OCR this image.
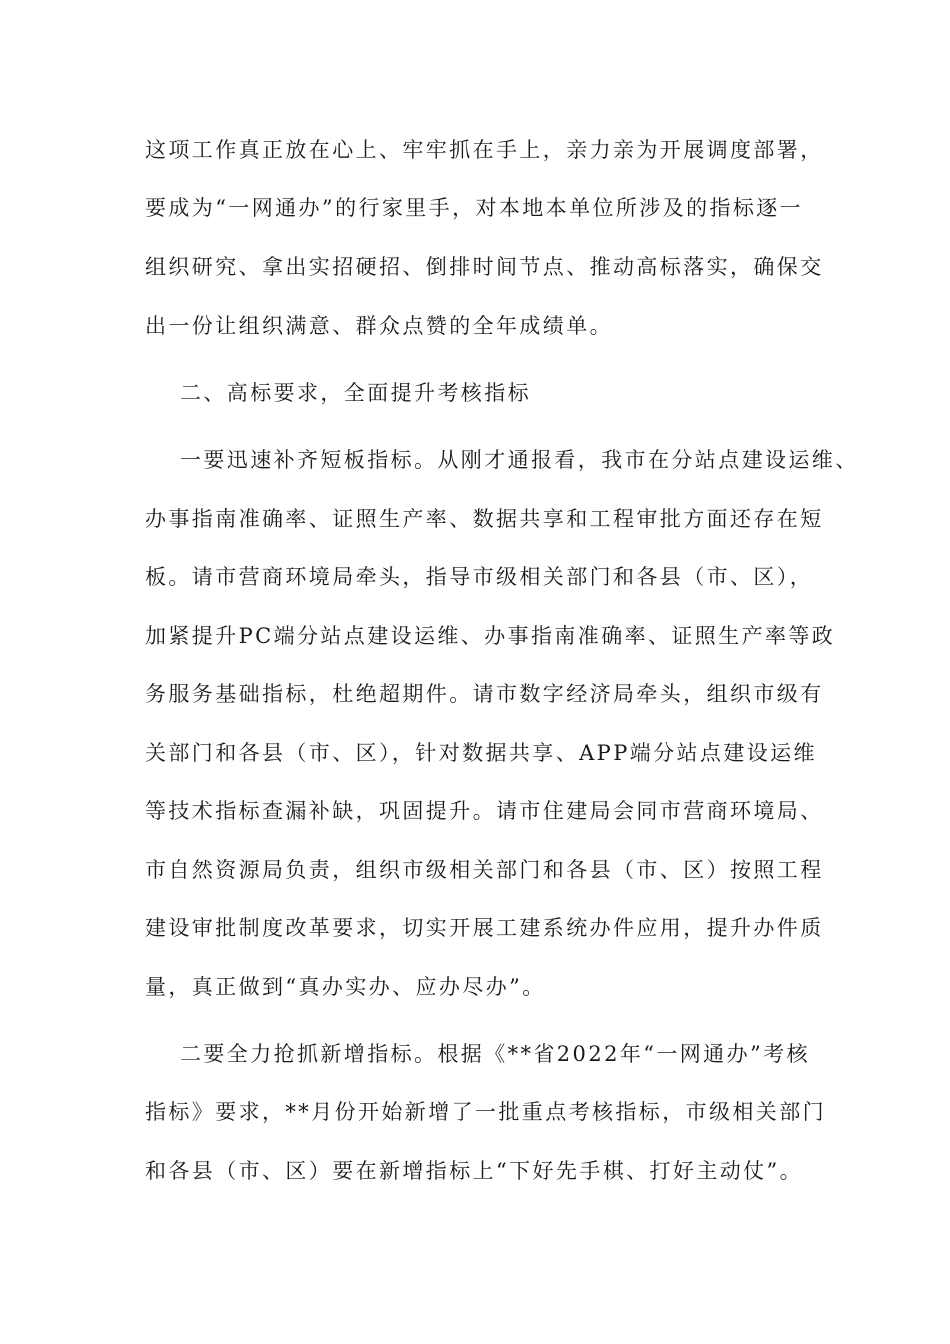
这项工作真正放在心上、牢牢抓在手上，亲力亲为开展调度部署，
要成为“一网通办”的行家里手，对本地本单位所涉及的指标逐一
组织研究、拿出实招硬招、倒排时间节点、推动高标落实，确保交
出一份让组织满意、群众点赞的全年成绩单。
二、高标要求，全面提升考核指标
一要迅速补齐短板指标。从刚才通报看，我市在分站点建设运维、
办事指南准确率、证照生产率、数据共享和工程审批方面还存在短
板。请市营商环境局牵头，指导市级相关部门和各县（市、区），
加紧提升PC端分站点建设运维、办事指南准确率、证照生产率等政
务服务基础指标，杜绝超期件。请市数字经济局牵头，组织市级有
关部门和各县（市、区），针对数据共享、APP端分站点建设运维
等技术指标查漏补缺，巩固提升。请市住建局会同市营商环境局、
市自然资源局负责，组织市级相关部门和各县（市、区）按照工程
建设审批制度改革要求，切实开展工建系统办件应用，提升办件质
量，真正做到“真办实办、应办尽办”。
二要全力抢抓新增指标。根据《**省2022年“一网通办”考核
指标》要求，**月份开始新增了一批重点考核指标，市级相关部门
和各县（市、区）要在新增指标上“下好先手棋、打好主动仗”。
